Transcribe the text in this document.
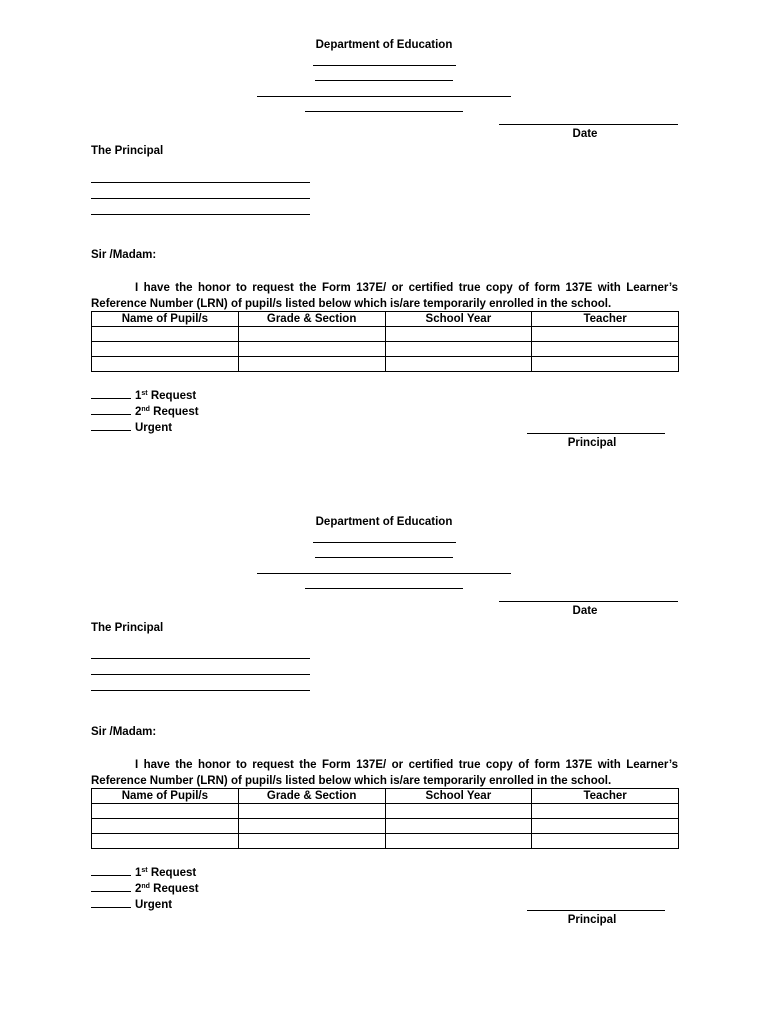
Department of Education
Date
The Principal
Sir /Madam:
I have the honor to request the Form 137E/ or certified true copy of form 137E with Learner’s Reference Number (LRN) of pupil/s listed below which is/are temporarily enrolled in the school.
Name of Pupil/s	Grade & Section	School Year	Teacher

1st Request
2nd Request
Urgent
Principal
Department of Education
Date
The Principal
Sir /Madam:
I have the honor to request the Form 137E/ or certified true copy of form 137E with Learner’s Reference Number (LRN) of pupil/s listed below which is/are temporarily enrolled in the school.
Name of Pupil/s	Grade & Section	School Year	Teacher

1st Request
2nd Request
Urgent
Principal
